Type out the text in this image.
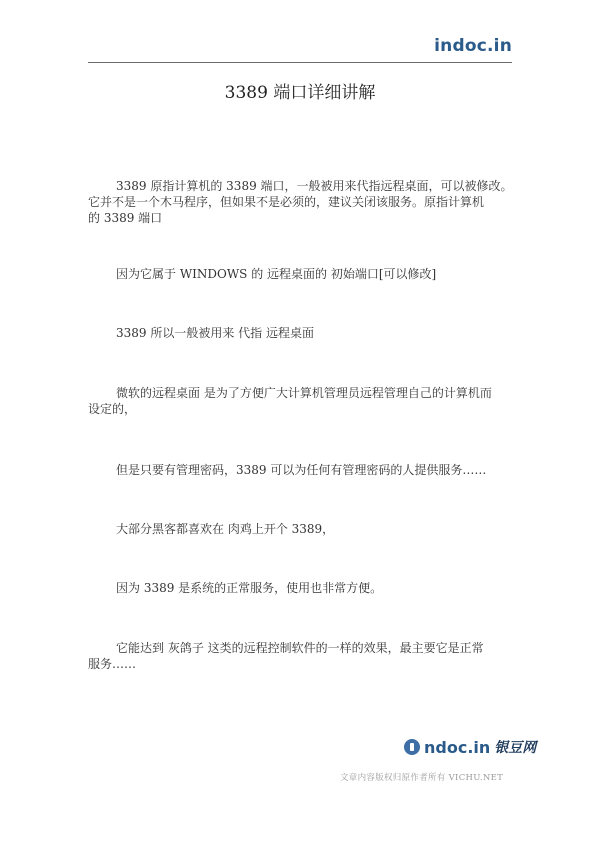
indoc.in
3389 端口详细讲解

3389 原指计算机的 3389 端口，一般被用来代指远程桌面，可以被修改。
它并不是一个木马程序，但如果不是必须的，建议关闭该服务。原指计算机
的 3389 端口

因为它属于 WINDOWS 的 远程桌面的 初始端口[可以修改]

3389 所以一般被用来 代指 远程桌面

微软的远程桌面 是为了方便广大计算机管理员远程管理自己的计算机而
设定的，

但是只要有管理密码，3389 可以为任何有管理密码的人提供服务……

大部分黑客都喜欢在 肉鸡上开个 3389，

因为 3389 是系统的正常服务，使用也非常方便。

它能达到 灰鸽子 这类的远程控制软件的一样的效果，最主要它是正常
服务……

ndoc.in 银豆网
文章内容版权归原作者所有 VICHU.NET
